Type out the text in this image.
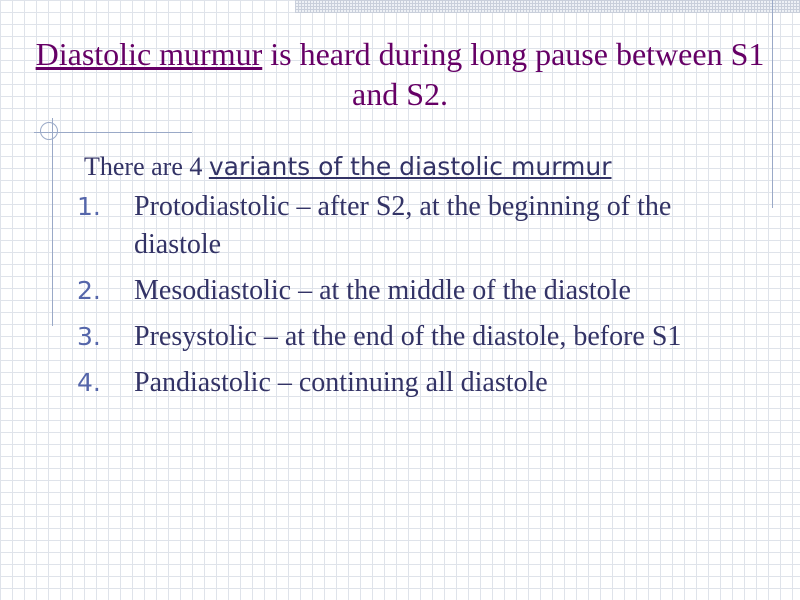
Diastolic murmur is heard during long pause between S1 and S2.

There are 4 variants of the diastolic murmur

1. Protodiastolic – after S2, at the beginning of the diastole
2. Mesodiastolic – at the middle of the diastole
3. Presystolic – at the end of the diastole, before S1
4. Pandiastolic – continuing all diastole
